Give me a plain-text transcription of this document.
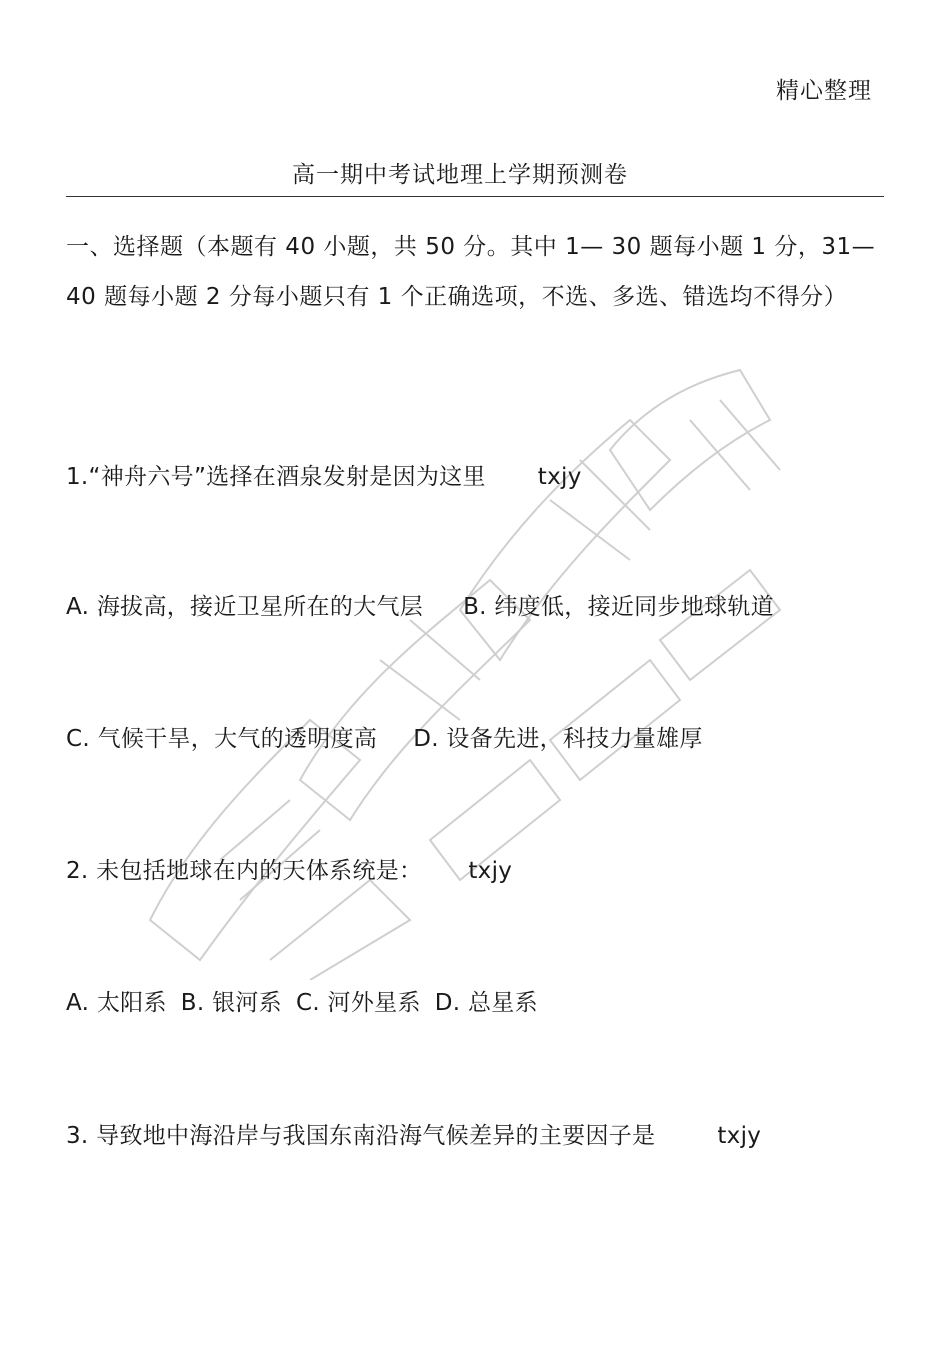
精心整理
高一期中考试地理上学期预测卷
一、选择题（本题有 40 小题，共 50 分。其中 1— 30 题每小题 1 分，31— 40 题每小题 2 分每小题只有 1 个正确选项，不选、多选、错选均不得分）
1.“神舟六号”选择在酒泉发射是因为这里 txjy
A. 海拔高，接近卫星所在的大气层 B. 纬度低，接近同步地球轨道
C. 气候干旱，大气的透明度高 D. 设备先进，科技力量雄厚
2. 未包括地球在内的天体系统是： txjy
A. 太阳系 B. 银河系 C. 河外星系 D. 总星系
3. 导致地中海沿岸与我国东南沿海气候差异的主要因子是	txjy
